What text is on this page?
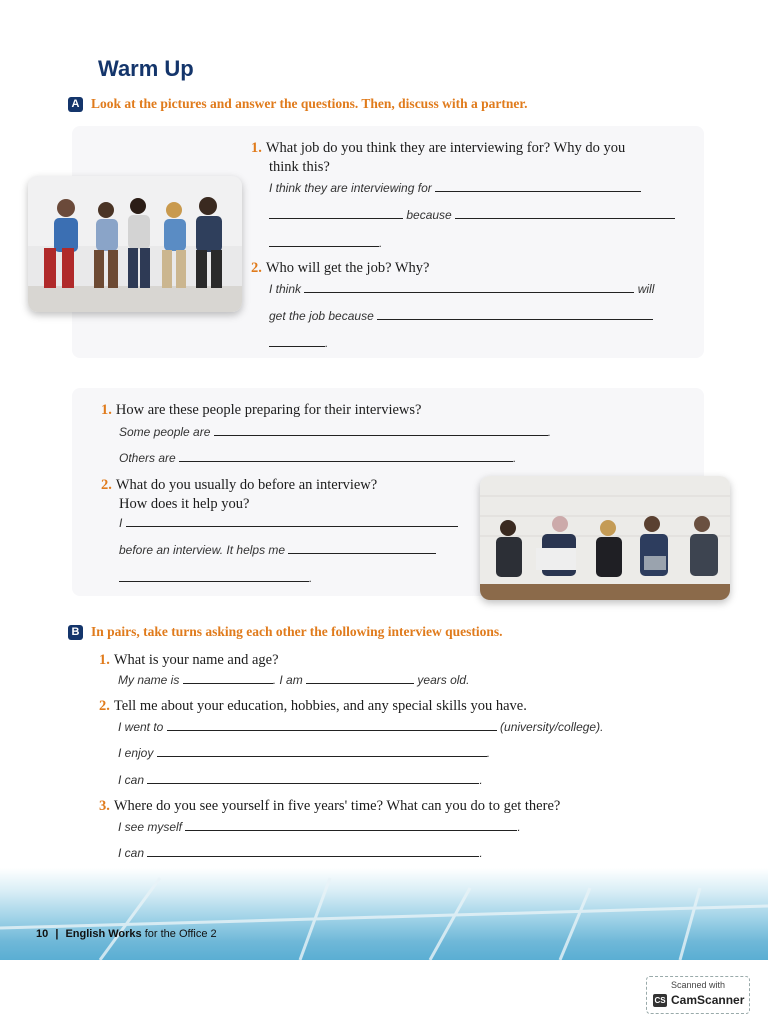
Warm Up
A Look at the pictures and answer the questions. Then, discuss with a partner.
1. What job do you think they are interviewing for? Why do you
think this?
I think they are interviewing for
because
.
2. Who will get the job? Why?
I think	will
get the job because
.
1. How are these people preparing for their interviews?
Some people are	.
Others are	.
2. What do you usually do before an interview?
How does it help you?
I
before an interview. It helps me
.
B In pairs, take turns asking each other the following interview questions.
1. What is your name and age?
My name is	. I am	years old.
2. Tell me about your education, hobbies, and any special skills you have.
I went to	(university/college).
I enjoy	.
I can	.
3. Where do you see yourself in five years' time? What can you do to get there?
I see myself	.
I can	.
10 | English Works for the Office 2
Scanned with
CS CamScanner
